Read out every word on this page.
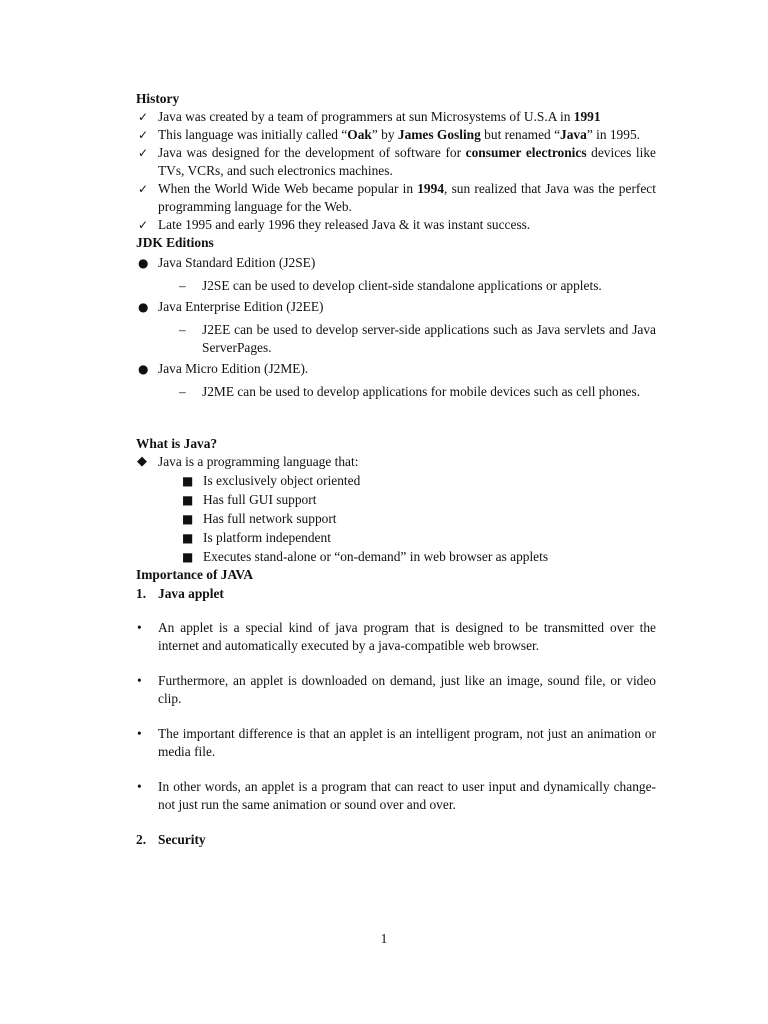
History
✓ Java was created by a team of programmers at sun Microsystems of U.S.A in 1991
✓ This language was initially called “Oak” by James Gosling but renamed “Java” in 1995.
✓ Java was designed for the development of software for consumer electronics devices like TVs, VCRs, and such electronics machines.
✓ When the World Wide Web became popular in 1994, sun realized that Java was the perfect programming language for the Web.
✓ Late 1995 and early 1996 they released Java & it was instant success.
JDK Editions
● Java Standard Edition (J2SE)
– J2SE can be used to develop client-side standalone applications or applets.
● Java Enterprise Edition (J2EE)
– J2EE can be used to develop server-side applications such as Java servlets and Java ServerPages.
● Java Micro Edition (J2ME).
– J2ME can be used to develop applications for mobile devices such as cell phones.
What is Java?
◆ Java is a programming language that:
■ Is exclusively object oriented
■ Has full GUI support
■ Has full network support
■ Is platform independent
■ Executes stand-alone or “on-demand” in web browser as applets
Importance of JAVA
1. Java applet
• An applet is a special kind of java program that is designed to be transmitted over the internet and automatically executed by a java-compatible web browser.
• Furthermore, an applet is downloaded on demand, just like an image, sound file, or video clip.
• The important difference is that an applet is an intelligent program, not just an animation or media file.
• In other words, an applet is a program that can react to user input and dynamically change-not just run the same animation or sound over and over.
2. Security
1
